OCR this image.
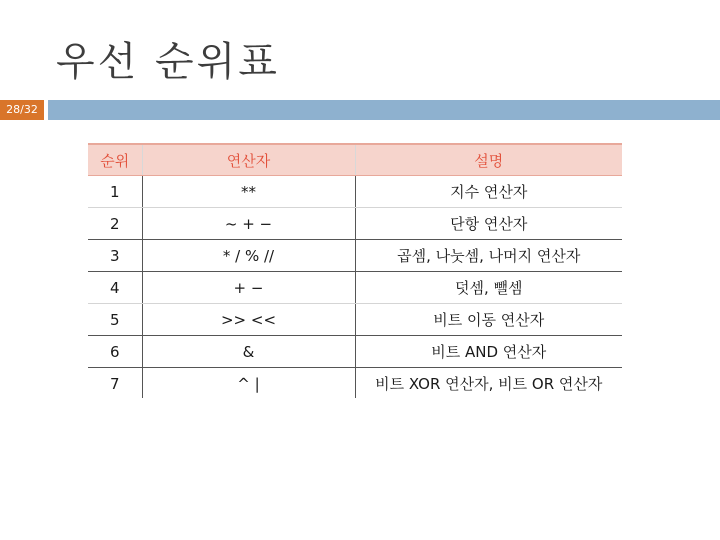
우선 순위표
28/32
순위	연산자	설명
1	**	지수 연산자
2	~ + −	단항 연산자
3	* / % //	곱셈, 나눗셈, 나머지 연산자
4	+ −	덧셈, 뺄셈
5	>> <<	비트 이동 연산자
6	&	비트 AND 연산자
7	^ |	비트 XOR 연산자, 비트 OR 연산자
